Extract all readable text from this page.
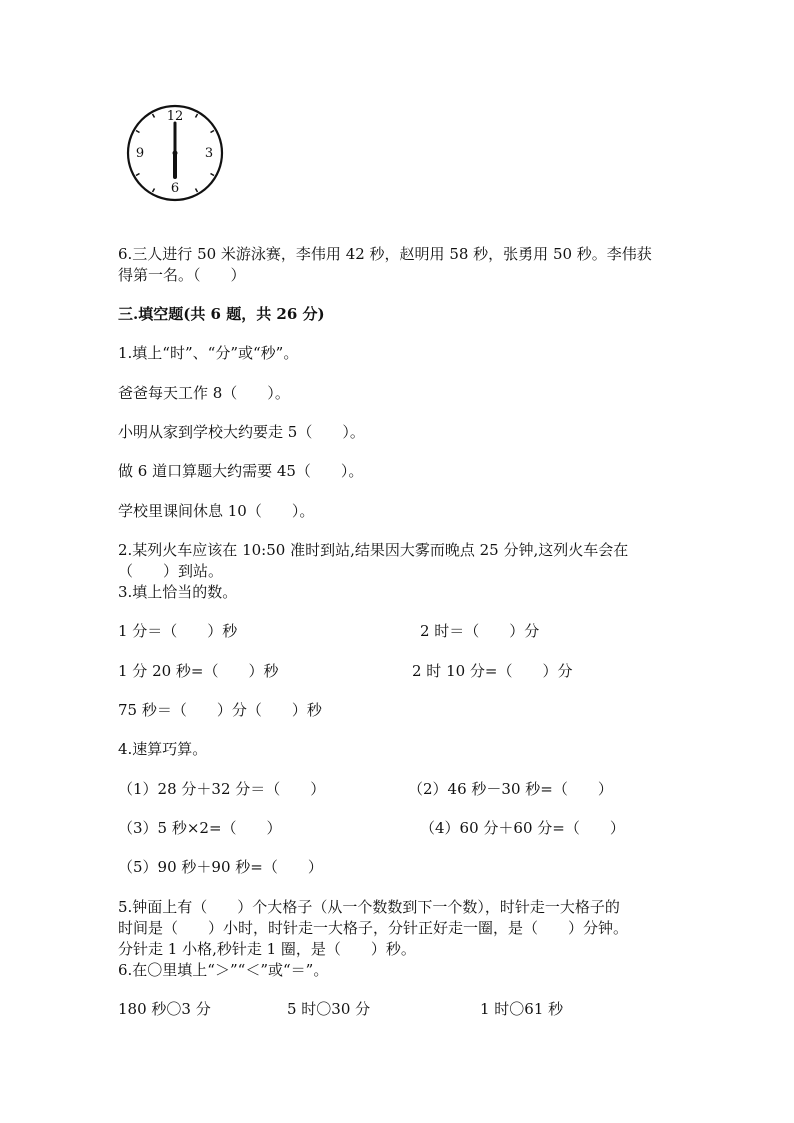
12
3
6
9
6.三人进行 50 米游泳赛，李伟用 42 秒，赵明用 58 秒，张勇用 50 秒。李伟获
得第一名。（　　）
三.填空题(共 6 题，共 26 分)
1.填上“时”、“分”或“秒”。
爸爸每天工作 8（　　）。
小明从家到学校大约要走 5（　　）。
做 6 道口算题大约需要 45（　　）。
学校里课间休息 10（　　）。
2.某列火车应该在 10:50 准时到站,结果因大雾而晚点 25 分钟,这列火车会在
（　　）到站。
3.填上恰当的数。
1 分＝（　　）秒	2 时＝（　　）分
1 分 20 秒=（　　）秒	2 时 10 分=（　　）分
75 秒＝（　　）分（　　）秒
4.速算巧算。
（1）28 分＋32 分＝（　　）	（2）46 秒－30 秒=（　　）
（3）5 秒×2=（　　）	（4）60 分＋60 分=（　　）
（5）90 秒＋90 秒=（　　）
5.钟面上有（　　）个大格子（从一个数数到下一个数），时针走一大格子的
时间是（　　）小时，时针走一大格子，分针正好走一圈，是（　　）分钟。
分针走 1 小格,秒针走 1 圈，是（　　）秒。
6.在〇里填上“＞”“＜”或“＝”。
180 秒〇3 分	5 时〇30 分	1 时〇61 秒
